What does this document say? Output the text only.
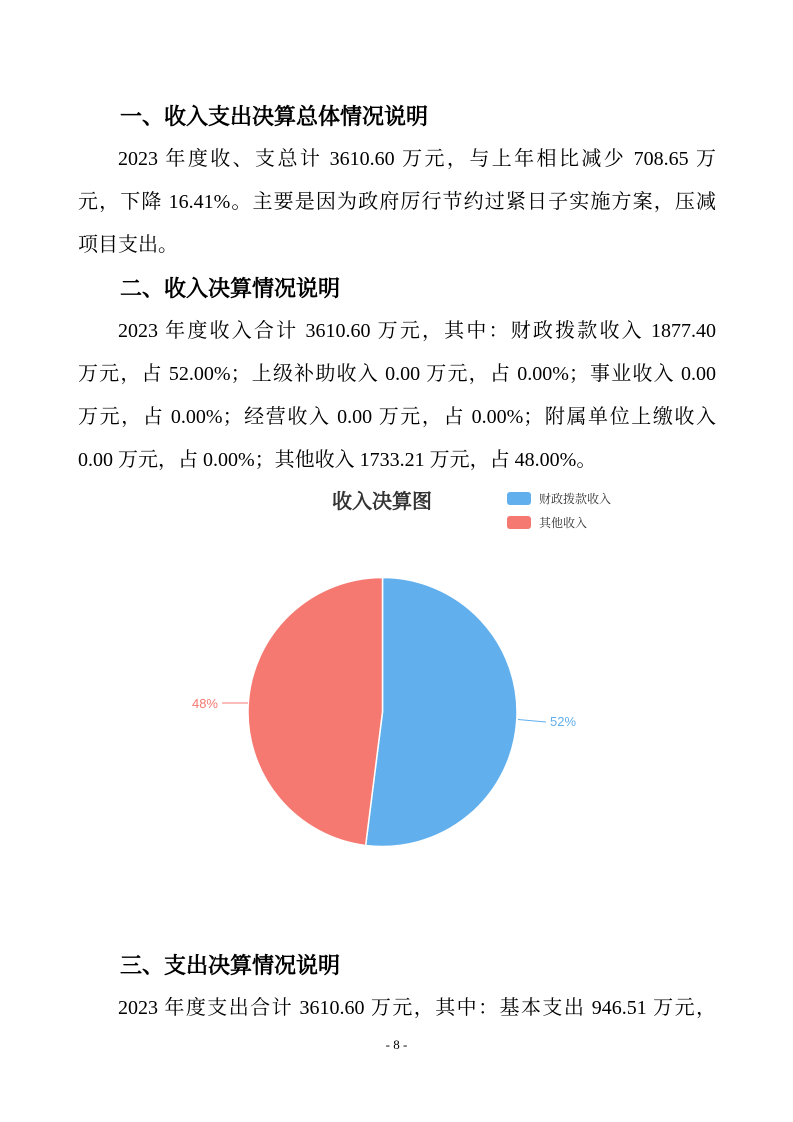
一、收入支出决算总体情况说明
2023 年度收、支总计 3610.60 万元，与上年相比减少 708.65 万
元，下降 16.41%。主要是因为政府厉行节约过紧日子实施方案，压减
项目支出。
二、收入决算情况说明
2023 年度收入合计 3610.60 万元，其中：财政拨款收入 1877.40
万元，占 52.00%；上级补助收入 0.00 万元，占 0.00%；事业收入 0.00
万元，占 0.00%；经营收入 0.00 万元，占 0.00%；附属单位上缴收入
0.00 万元，占 0.00%；其他收入 1733.21 万元，占 48.00%。
收入决算图	财政拨款收入
其他收入
48%
52%
三、支出决算情况说明
2023 年度支出合计 3610.60 万元，其中：基本支出 946.51 万元，
- 8 -
